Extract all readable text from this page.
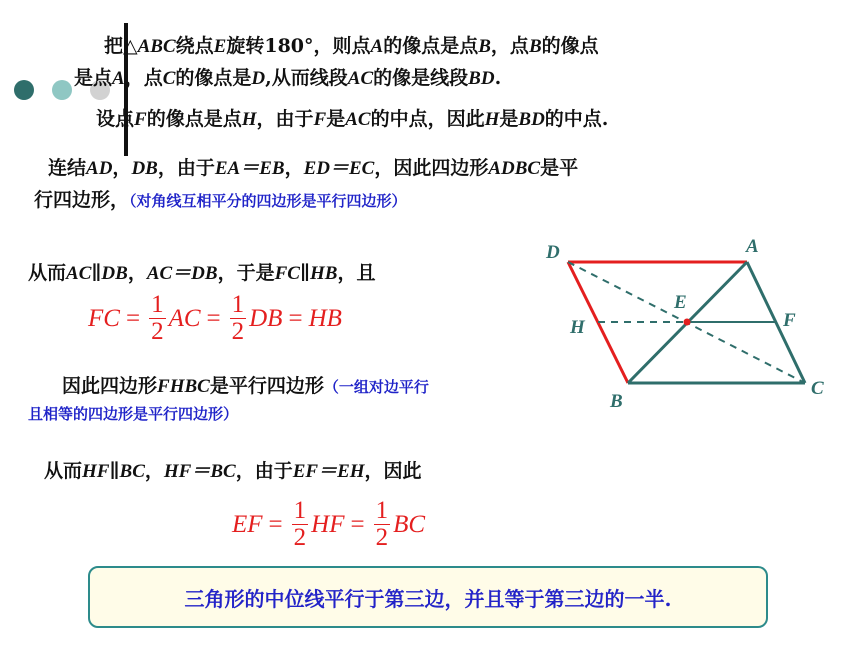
把△ABC绕点E旋转180°，则点A的像点是点B，点B的像点
是点A，点C的像点是D,从而线段AC的像是线段BD.
设点F的像点是点H，由于F是AC的中点，因此H是BD的中点.
连结AD，DB，由于EA＝EB，ED＝EC，因此四边形ADBC是平
行四边形，（对角线互相平分的四边形是平行四边形）
从而AC∥DB，AC＝DB，于是FC∥HB，且
FC = $\frac{1}{2}$ AC = $\frac{1}{2}$ DB = HB
因此四边形FHBC是平行四边形（一组对边平行
且相等的四边形是平行四边形）
从而HF∥BC，HF＝BC，由于EF＝EH，因此
EF = $\frac{1}{2}$ HF = $\frac{1}{2}$ BC
三角形的中位线平行于第三边，并且等于第三边的一半.
D	A
E
H	F
B
C
